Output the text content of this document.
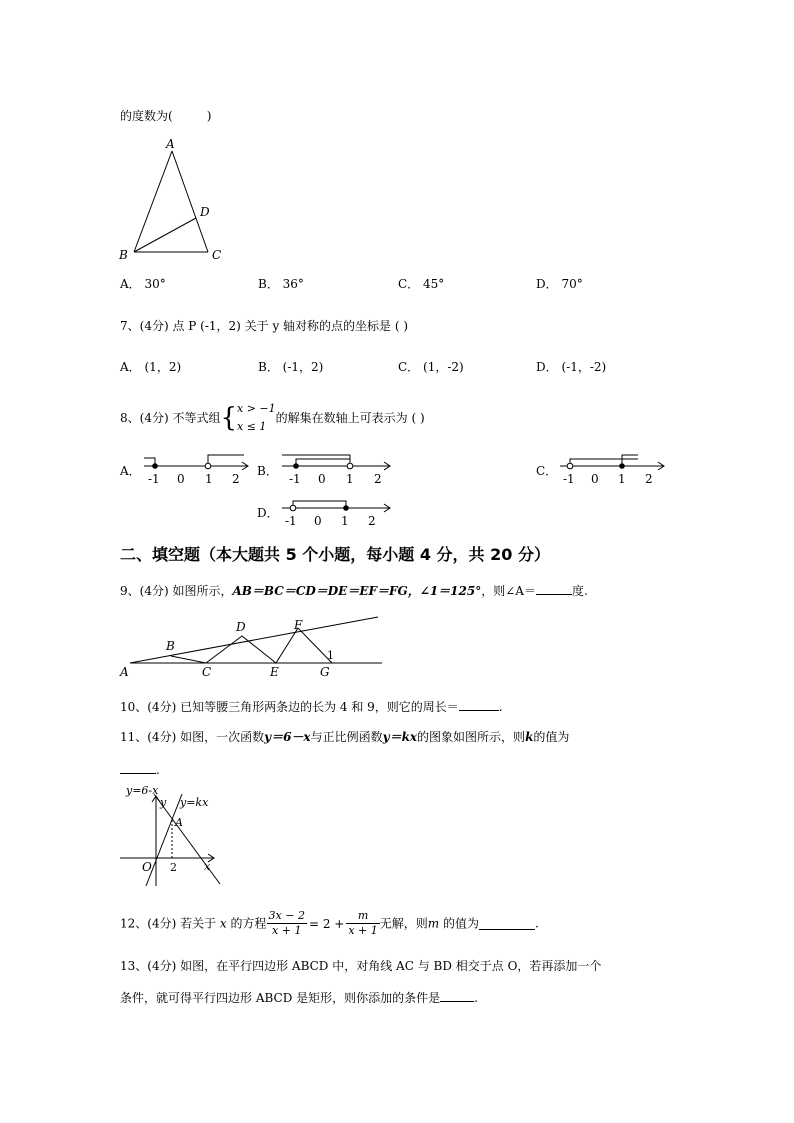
的度数为(	)
A
D
B	C
A． 30°	B． 36°	C． 45°	D． 70°
7、(4分) 点 P (-1，2) 关于 y 轴对称的点的坐标是 ( )
A． (1，2)	B． (-1，2)	C． (1，-2)	D． (-1，-2)
8、(4分) 不等式组{ x > −1
x ≤ 1
的解集在数轴上可表示为 ( )
A．
-1 0 1 2
B．
-1 0 1 2
C．
-1 0 1 2
D．
-1 0 1 2
二、填空题（本大题共 5 个小题，每小题 4 分，共 20 分）
9、(4分) 如图所示，AB＝BC＝CD＝DE＝EF＝FG，∠1＝125°，则∠A＝	度.
A
B
C
D
E
F
G
1
10、(4分) 已知等腰三角形两条边的长为 4 和 9，则它的周长＝	.
11、(4分) 如图，一次函数y＝6－x与正比例函数y＝kx的图象如图所示，则k的值为
.
y=6-x
y=kx
y
x
A
O 2
12、(4分) 若关于 x 的方程 $\frac{3x - 2}{x + 1} = 2 + \frac{m}{x + 1}$ 无解，则m 的值为	.
13、(4分) 如图，在平行四边形 ABCD 中，对角线 AC 与 BD 相交于点 O，若再添加一个
条件，就可得平行四边形 ABCD 是矩形，则你添加的条件是	.
